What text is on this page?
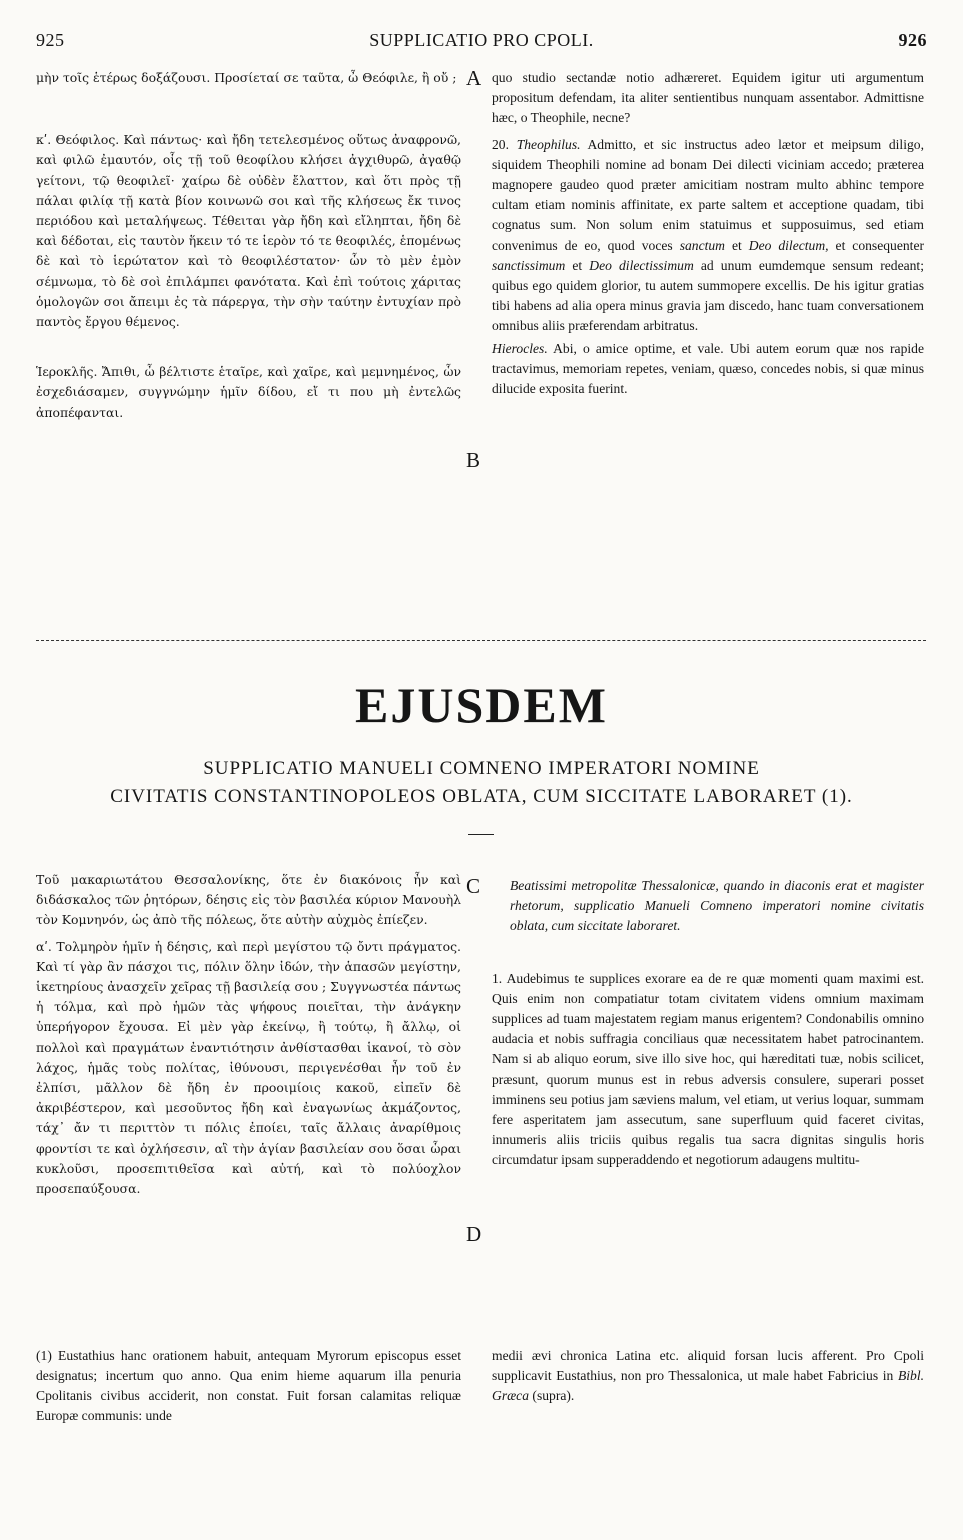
925	SUPPLICATIO PRO CPOLI.	926

μὴν τοῖς ἑτέρως δοξάζουσι. Προσίεταί σε ταῦτα, ὦ Θεόφιλε, ἢ οὔ ;

κʹ. Θεόφιλος. Καὶ πάντως· καὶ ἤδη τετελεσμένος οὕτως ἀναφρονῶ, καὶ φιλῶ ἐμαυτόν, οἷς τῇ τοῦ θεοφίλου κλήσει ἀγχιθυρῶ, ἀγαθῷ γείτονι, τῷ θεοφιλεῖ· χαίρω δὲ οὐδὲν ἔλαττον, καὶ ὅτι πρὸς τῇ πάλαι φιλίᾳ τῇ κατὰ βίον κοινωνῶ σοι καὶ τῆς κλήσεως ἔκ τινος περιόδου καὶ μεταλήψεως. Τέθειται γὰρ ἤδη καὶ εἴληπται, ἤδη δὲ καὶ δέδοται, εἰς ταυτὸν ἥκειν τό τε ἱερὸν τό τε θεοφιλές, ἑπομένως δὲ καὶ τὸ ἱερώτατον καὶ τὸ θεοφιλέστατον· ὧν τὸ μὲν ἐμὸν σέμνωμα, τὸ δὲ σοὶ ἐπιλάμπει φανότατα. Καὶ ἐπὶ τούτοις χάριτας ὁμολογῶν σοι ἄπειμι ἐς τὰ πάρεργα, τὴν σὴν ταύτην ἐντυχίαν πρὸ παντὸς ἔργου θέμενος.

Ἱεροκλῆς. Ἄπιθι, ὦ βέλτιστε ἑταῖρε, καὶ χαῖρε, καὶ μεμνημένος, ὧν ἐσχεδιάσαμεν, συγγνώμην ἡμῖν δίδου, εἴ τι που μὴ ἐντελῶς ἀποπέφανται.

A
B
C
D

quo studio sectandæ notio adhæreret. Equidem igitur uti argumentum propositum defendam, ita aliter sentientibus nunquam assentabor. Admittisne hæc, o Theophile, necne?

20. Theophilus. Admitto, et sic instructus adeo lætor et meipsum diligo, siquidem Theophili nomine ad bonam Dei dilecti viciniam accedo; præterea magnopere gaudeo quod præter amicitiam nostram multo abhinc tempore cultam etiam nominis affinitate, ex parte saltem et acceptione quadam, tibi cognatus sum. Non solum enim statuimus et supposuimus, sed etiam convenimus de eo, quod voces sanctum et Deo dilectum, et consequenter sanctissimum et Deo dilectissimum ad unum eumdemque sensum redeant; quibus ego quidem glorior, tu autem summopere excellis. De his igitur gratias tibi habens ad alia opera minus gravia jam discedo, hanc tuam conversationem omnibus aliis præferendam arbitratus.

Hierocles. Abi, o amice optime, et vale. Ubi autem eorum quæ nos rapide tractavimus, memoriam repetes, veniam, quæso, concedes nobis, si quæ minus dilucide exposita fuerint.

EJUSDEM
SUPPLICATIO MANUELI COMNENO IMPERATORI NOMINE
CIVITATIS CONSTANTINOPOLEOS OBLATA, CUM SICCITATE LABORARET (1).

Τοῦ μακαριωτάτου Θεσσαλονίκης, ὅτε ἐν διακόνοις ἦν καὶ διδάσκαλος τῶν ῥητόρων, δέησις εἰς τὸν βασιλέα κύριον Μανουὴλ τὸν Κομνηνόν, ὡς ἀπὸ τῆς πόλεως, ὅτε αὐτὴν αὐχμὸς ἐπίεζεν.

αʹ. Τολμηρὸν ἡμῖν ἡ δέησις, καὶ περὶ μεγίστου τῷ ὄντι πράγματος. Καὶ τί γὰρ ἂν πάσχοι τις, πόλιν ὅλην ἰδών, τὴν ἁπασῶν μεγίστην, ἱκετηρίους ἀνασχεῖν χεῖρας τῇ βασιλείᾳ σου ; Συγγνωστέα πάντως ἡ τόλμα, καὶ πρὸ ἡμῶν τὰς ψήφους ποιεῖται, τὴν ἀνάγκην ὑπερήγορον ἔχουσα. Εἰ μὲν γὰρ ἐκείνῳ, ἢ τούτῳ, ἢ ἄλλῳ, οἱ πολλοὶ καὶ πραγμάτων ἐναντιότησιν ἀνθίστασθαι ἱκανοί, τὸ σὸν λάχος, ἡμᾶς τοὺς πολίτας, ἰθύνουσι, περιγενέσθαι ἦν τοῦ ἐν ἐλπίσι, μᾶλλον δὲ ἤδη ἐν προοιμίοις κακοῦ, εἰπεῖν δὲ ἀκριβέστερον, καὶ μεσοῦντος ἤδη καὶ ἐναγωνίως ἀκμάζοντος, τάχ᾽ ἄν τι περιττὸν τι πόλις ἐποίει, ταῖς ἄλλαις ἀναρίθμοις φροντίσι τε καὶ ὀχλήσεσιν, αἳ τὴν ἁγίαν βασιλείαν σου ὅσαι ὧραι κυκλοῦσι, προσεπιτιθεῖσα καὶ αὐτή, καὶ τὸ πολύοχλον προσεπαύξουσα.

Beatissimi metropolitæ Thessalonicæ, quando in diaconis erat et magister rhetorum, supplicatio Manueli Comneno imperatori nomine civitatis oblata, cum siccitate laboraret.

1. Audebimus te supplices exorare ea de re quæ momenti quam maximi est. Quis enim non compatiatur totam civitatem videns omnium maximam supplices ad tuam majestatem regiam manus erigentem? Condonabilis omnino audacia et nobis suffragia conciliaus quæ necessitatem habet patrocinantem. Nam si ab aliquo eorum, sive illo sive hoc, qui hæreditati tuæ, nobis scilicet, præsunt, quorum munus est in rebus adversis consulere, superari posset imminens seu potius jam sæviens malum, vel etiam, ut verius loquar, summam fere asperitatem jam assecutum, sane superfluum quid faceret civitas, innumeris aliis triciis quibus regalis tua sacra dignitas singulis horis circumdatur ipsam supperaddendo et negotiorum adaugens multitu-

(1) Eustathius hanc orationem habuit, antequam Myrorum episcopus esset designatus; incertum quo anno. Qua enim hieme aquarum illa penuria Cpolitanis civibus acciderit, non constat. Fuit forsan calamitas reliquæ Europæ communis: unde
medii ævi chronica Latina etc. aliquid forsan lucis afferent. Pro Cpoli supplicavit Eustathius, non pro Thessalonica, ut male habet Fabricius in Bibl. Græca (supra).
